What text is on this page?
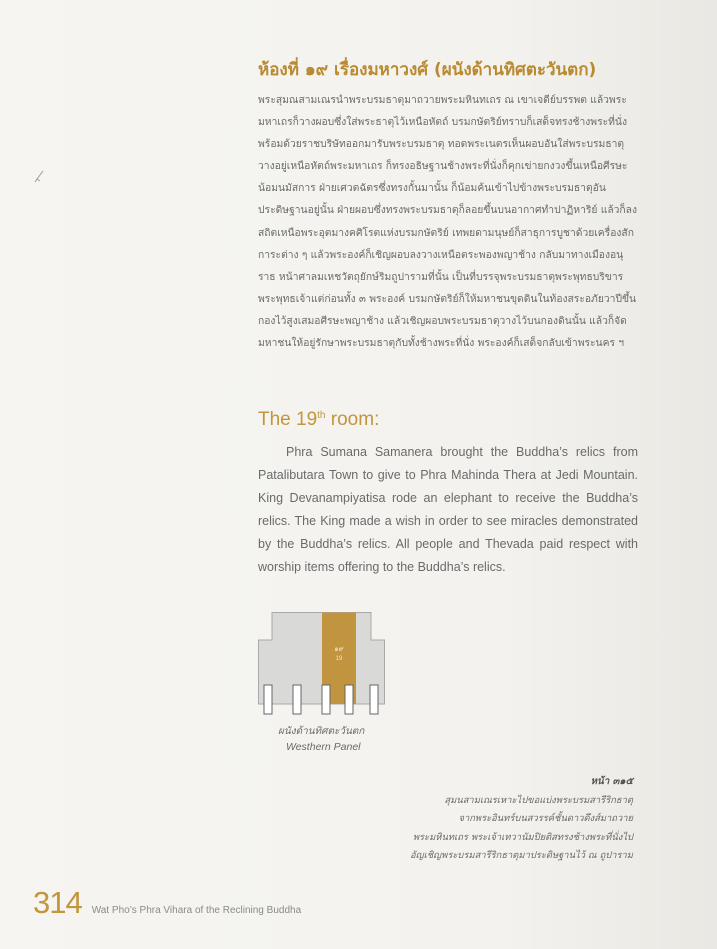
ห้องที่ ๑๙ เรื่องมหาวงศ์ (ผนังด้านทิศตะวันตก)

พระสุมณสามเณรนำพระบรมธาตุมาถวายพระมหินทเถร ณ เขาเจดีย์บรรพต แล้วพระมหาเถรก็วางผอบซึ่งใส่พระธาตุไว้เหนือหัตถ์ บรมกษัตริย์ทราบก็เสด็จทรงช้างพระที่นั่งพร้อมด้วยราชบริษัทออกมารับพระบรมธาตุ ทอดพระเนตรเห็นผอบอันใส่พระบรมธาตุวางอยู่เหนือหัตถ์พระมหาเถร ก็ทรงอธิษฐานช้างพระที่นั่งก็คุกเข่ายกงวงขึ้นเหนือศีรษะน้อมนมัสการ ฝ่ายเศวตฉัตรซึ่งทรงกั้นมานั้น ก็น้อมค้นเข้าไปข้างพระบรมธาตุอันประดิษฐานอยู่นั้น ฝ่ายผอบซึ่งทรงพระบรมธาตุก็ลอยขึ้นบนอากาศทำปาฏิหาริย์ แล้วก็ลงสถิตเหนือพระอุตมางคศิโรตแห่งบรมกษัตริย์ เทพยดามนุษย์ก็สาธุการบูชาด้วยเครื่องสักการะต่าง ๆ แล้วพระองค์ก็เชิญผอบลงวางเหนือตระพองพญาช้าง กลับมาทางเมืองอนุราธ หน้าศาลมเหชวัตถุยักษ์ริมถูปารามที่นั้น เป็นที่บรรจุพระบรมธาตุพระพุทธบริขารพระพุทธเจ้าแต่ก่อนทั้ง ๓ พระองค์ บรมกษัตริย์ก็ให้มหาชนขุดดินในท้องสระอภัยวาปีขึ้นกองไว้สูงเสมอศีรษะพญาช้าง แล้วเชิญผอบพระบรมธาตุวางไว้บนกองดินนั้น แล้วก็จัดมหาชนให้อยู่รักษาพระบรมธาตุกับทั้งช้างพระที่นั่ง พระองค์ก็เสด็จกลับเข้าพระนคร ฯ

The 19th room:

Phra Sumana Samanera brought the Buddha’s relics from Patalibutara Town to give to Phra Mahinda Thera at Jedi Mountain. King Devanampiyatisa rode an elephant to receive the Buddha’s relics. The King made a wish in order to see miracles demonstrated by the Buddha’s relics. All people and Thevada paid respect with worship items offering to the Buddha’s relics.

๑๙
19

ผนังด้านทิศตะวันตก

Westhern Panel

หน้า ๓๑๕
สุมนสามเณรเหาะไปขอแบ่งพระบรมสารีริกธาตุ
จากพระอินทร์บนสวรรค์ชั้นดาวดึงส์มาถวาย
พระมหินทเถร พระเจ้าเทวานัมปิยติสทรงช้างพระที่นั่งไป
อัญเชิญพระบรมสารีริกธาตุมาประดิษฐานไว้ ณ ถูปาราม
314 Wat Pho’s Phra Vihara of the Reclining Buddha
